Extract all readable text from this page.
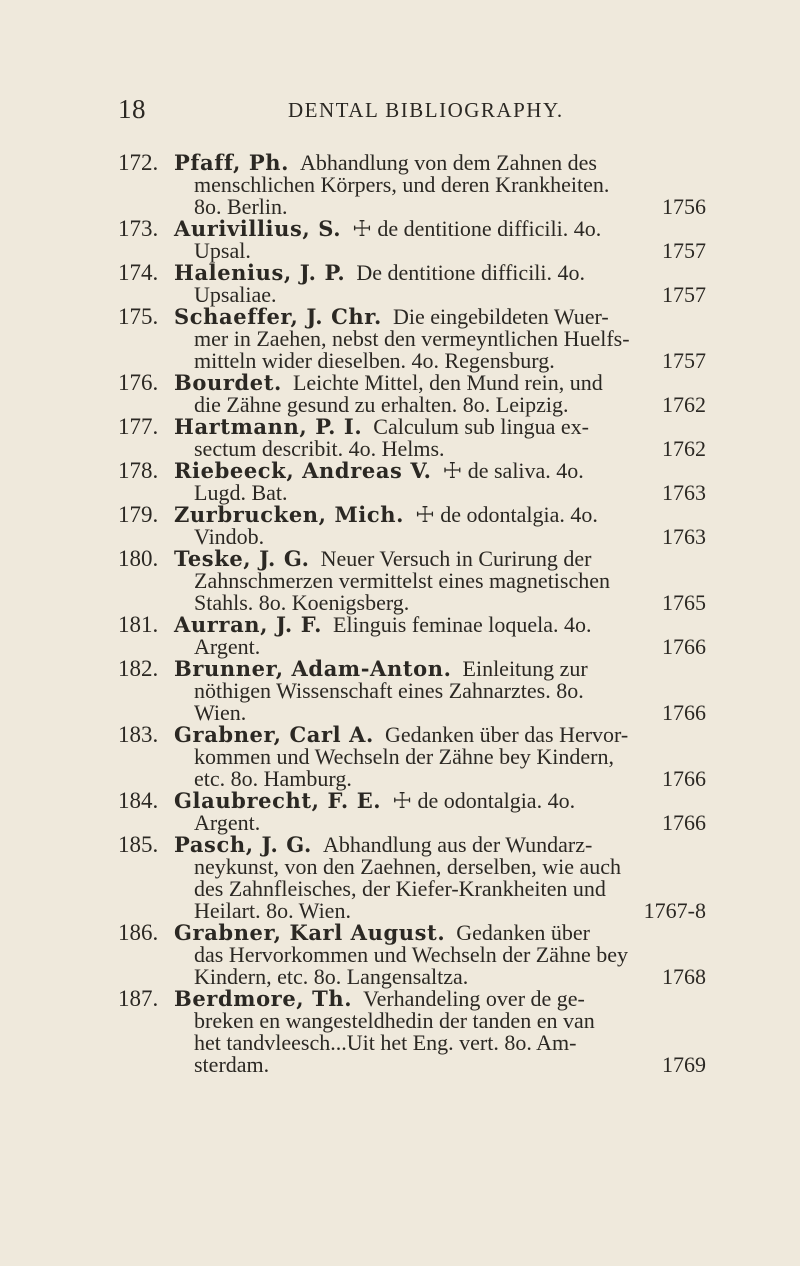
18	DENTAL BIBLIOGRAPHY.
172. Pfaff, Ph. Abhandlung von dem Zahnen des
menschlichen Körpers, und deren Krankheiten.
8o. Berlin.	1756
173. Aurivillius, S. ☩ de dentitione difficili. 4o.
Upsal.	1757
174. Halenius, J. P. De dentitione difficili. 4o.
Upsaliae.	1757
175. Schaeffer, J. Chr. Die eingebildeten Wuer-
mer in Zaehen, nebst den vermeyntlichen Huelfs-
mitteln wider dieselben. 4o. Regensburg.	1757
176. Bourdet. Leichte Mittel, den Mund rein, und
die Zähne gesund zu erhalten. 8o. Leipzig.	1762
177. Hartmann, P. I. Calculum sub lingua ex-
sectum describit. 4o. Helms.	1762
178. Riebeeck, Andreas V. ☩ de saliva. 4o.
Lugd. Bat.	1763
179. Zurbrucken, Mich. ☩ de odontalgia. 4o.
Vindob.	1763
180. Teske, J. G. Neuer Versuch in Curirung der
Zahnschmerzen vermittelst eines magnetischen
Stahls. 8o. Koenigsberg.	1765
181. Aurran, J. F. Elinguis feminae loquela. 4o.
Argent.	1766
182. Brunner, Adam-Anton. Einleitung zur
nöthigen Wissenschaft eines Zahnarztes. 8o.
Wien.	1766
183. Grabner, Carl A. Gedanken über das Hervor-
kommen und Wechseln der Zähne bey Kindern,
etc. 8o. Hamburg.	1766
184. Glaubrecht, F. E. ☩ de odontalgia. 4o.
Argent.	1766
185. Pasch, J. G. Abhandlung aus der Wundarz-
neykunst, von den Zaehnen, derselben, wie auch
des Zahnfleisches, der Kiefer-Krankheiten und
Heilart. 8o. Wien.	1767-8
186. Grabner, Karl August. Gedanken über
das Hervorkommen und Wechseln der Zähne bey
Kindern, etc. 8o. Langensaltza.	1768
187. Berdmore, Th. Verhandeling over de ge-
breken en wangesteldhedin der tanden en van
het tandvleesch...Uit het Eng. vert. 8o. Am-
sterdam.	1769
